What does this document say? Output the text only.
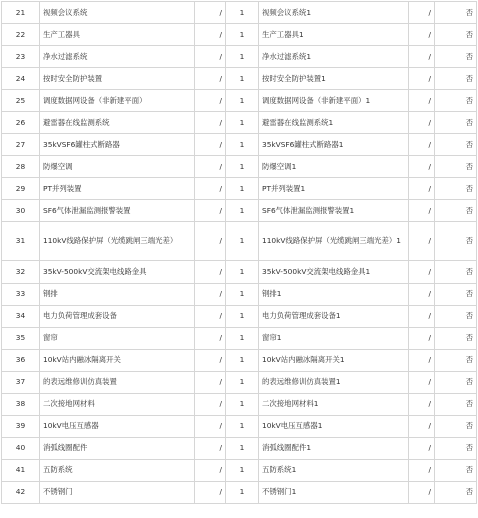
21	视频会议系统	/	1	视频会议系统1	/	否
22	生产工器具	/	1	生产工器具1	/	否
23	净水过滤系统	/	1	净水过滤系统1	/	否
24	按时安全防护装置	/	1	按时安全防护装置1	/	否
25	调度数据网设备（非新建平面）	/	1	调度数据网设备（非新建平面）1	/	否
26	避雷器在线监测系统	/	1	避雷器在线监测系统1	/	否
27	35kVSF6罐柱式断路器	/	1	35kVSF6罐柱式断路器1	/	否
28	防爆空调	/	1	防爆空调1	/	否
29	PT并列装置	/	1	PT并列装置1	/	否
30	SF6气体泄漏监测报警装置	/	1	SF6气体泄漏监测报警装置1	/	否
31	110kV线路保护屏（光缆跳闸三端光差）	/	1	110kV线路保护屏（光缆跳闸三端光差）1	/	否
32	35kV-500kV交流架电线路金具	/	1	35kV-500kV交流架电线路金具1	/	否
33	钢排	/	1	钢排1	/	否
34	电力负荷管理成套设备	/	1	电力负荷管理成套设备1	/	否
35	窗帘	/	1	窗帘1	/	否
36	10kV站内融冰隔离开关	/	1	10kV站内融冰隔离开关1	/	否
37	的表远维修训仿真装置	/	1	的表远维修训仿真装置1	/	否
38	二次接地网材料	/	1	二次接地网材料1	/	否
39	10kV电压互感器	/	1	10kV电压互感器1	/	否
40	消弧线圈配件	/	1	消弧线圈配件1	/	否
41	五防系统	/	1	五防系统1	/	否
42	不锈钢门	/	1	不锈钢门1	/	否
